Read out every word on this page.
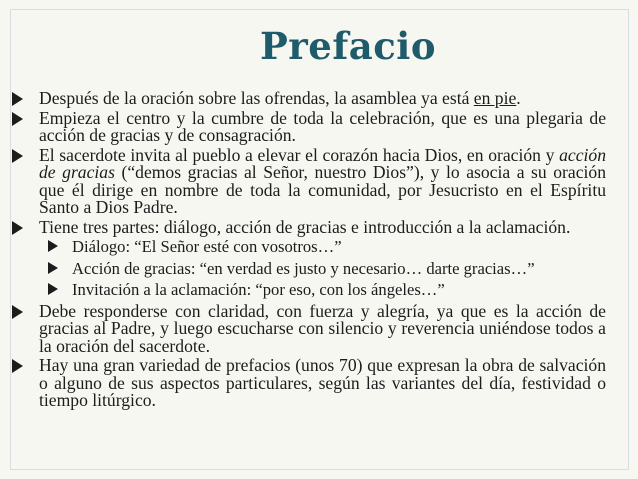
Prefacio
Después de la oración sobre las ofrendas, la asamblea ya está en pie.
Empieza el centro y la cumbre de toda la celebración, que es una plegaria de acción de gracias y de consagración.
El sacerdote invita al pueblo a elevar el corazón hacia Dios, en oración y acción de gracias (“demos gracias al Señor, nuestro Dios”), y lo asocia a su oración que él dirige en nombre de toda la comunidad, por Jesucristo en el Espíritu Santo a Dios Padre.
Tiene tres partes: diálogo, acción de gracias e introducción a la aclamación.
Diálogo: “El Señor esté con vosotros…”
Acción de gracias: “en verdad es justo y necesario… darte gracias…”
Invitación a la aclamación: “por eso, con los ángeles…”
Debe responderse con claridad, con fuerza y alegría, ya que es la acción de gracias al Padre, y luego escucharse con silencio y reverencia uniéndose todos a la oración del sacerdote.
Hay una gran variedad de prefacios (unos 70) que expresan la obra de salvación o alguno de sus aspectos particulares, según las variantes del día, festividad o tiempo litúrgico.
